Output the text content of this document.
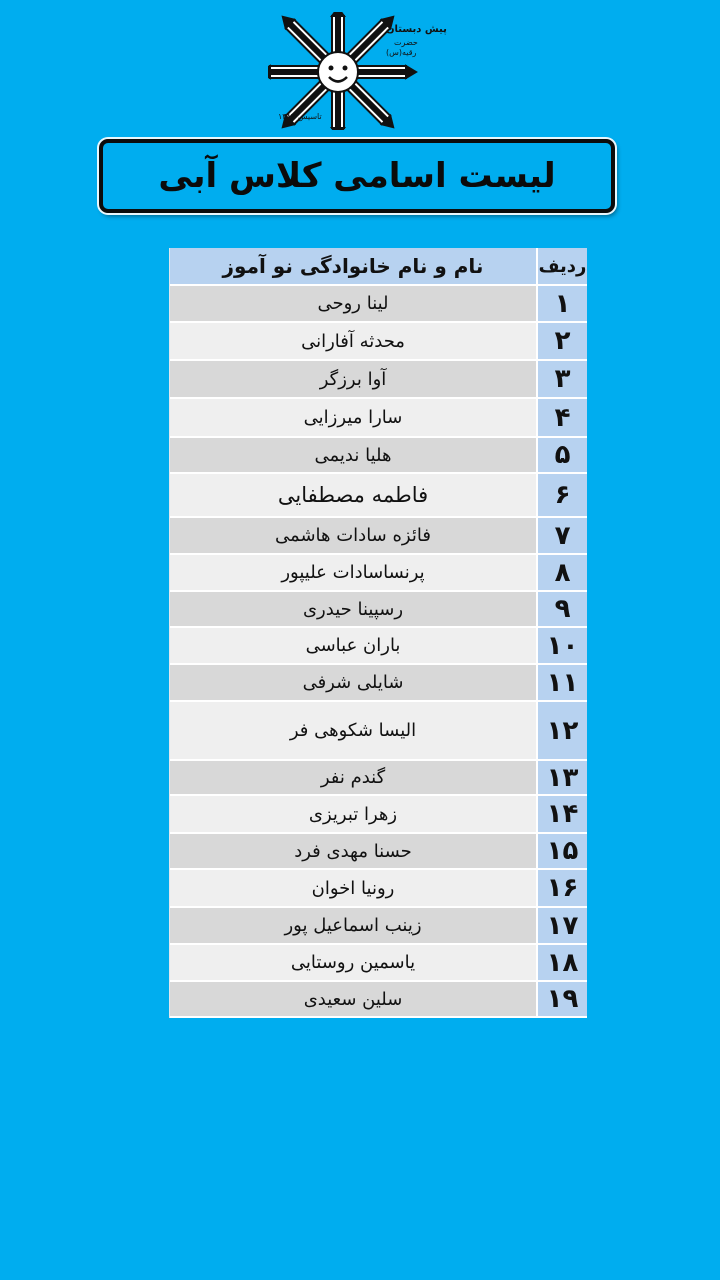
پیش دبستان
حضرت
رقیه(س)
تاسیس ۱۳۸۷
لیست اسامی کلاس آبی
ردیف
نام و نام خانوادگی نو آموز
۱
لینا روحی
۲
محدثه آفارانی
۳
آوا برزگر
۴
سارا میرزایی
۵
هلیا ندیمی
۶
فاطمه مصطفایی
۷
فائزه سادات هاشمی
۸
پرنساسادات علیپور
۹
رسپینا حیدری
۱۰
باران عباسی
۱۱
شایلی شرفی
۱۲
الیسا شکوهی فر
۱۳
گندم نفر
۱۴
زهرا تبریزی
۱۵
حسنا مهدی فرد
۱۶
رونیا اخوان
۱۷
زینب اسماعیل پور
۱۸
یاسمین روستایی
۱۹
سلین سعیدی
